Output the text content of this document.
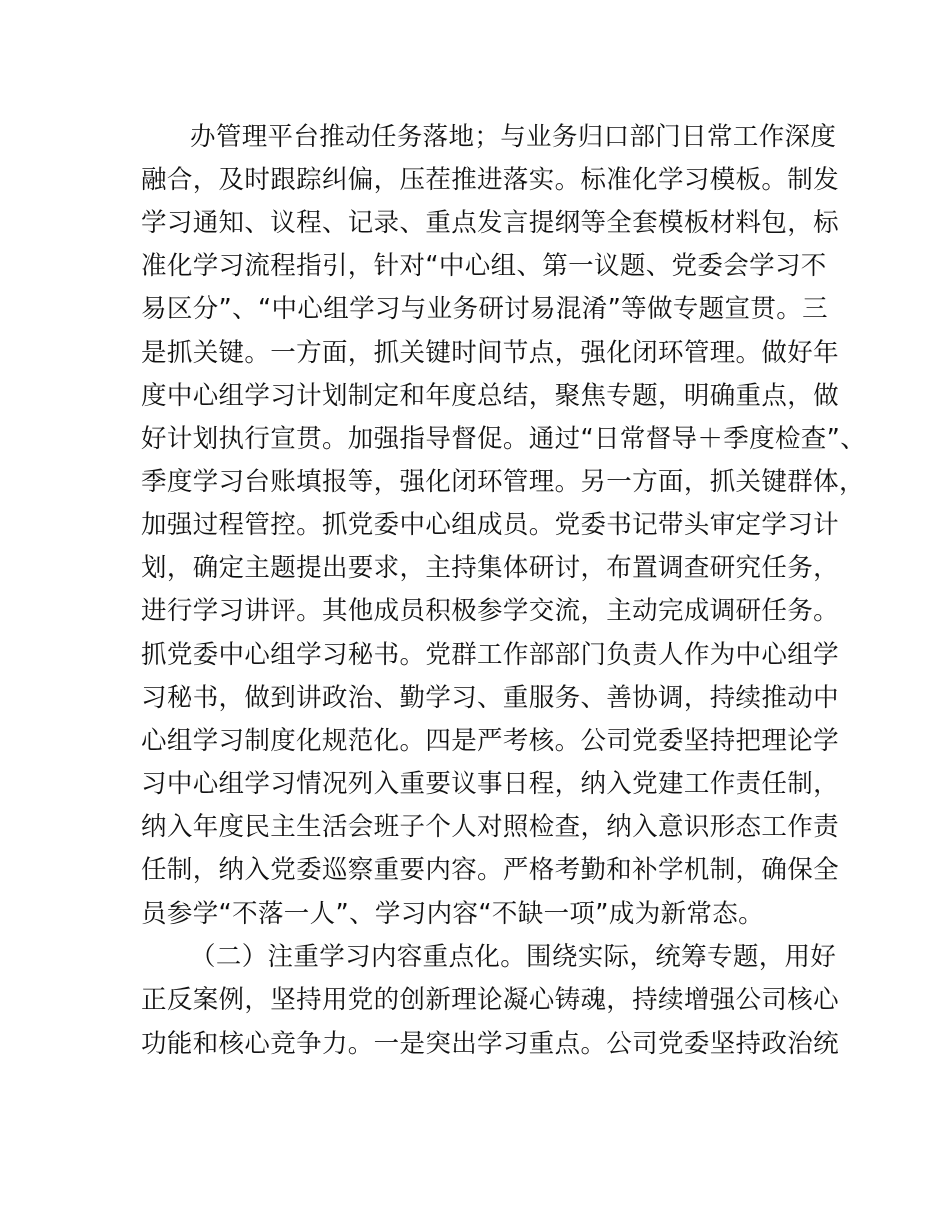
办管理平台推动任务落地；与业务归口部门日常工作深度
融合，及时跟踪纠偏，压茬推进落实。标准化学习模板。制发
学习通知、议程、记录、重点发言提纲等全套模板材料包，标
准化学习流程指引，针对“中心组、第一议题、党委会学习不
易区分”、“中心组学习与业务研讨易混淆”等做专题宣贯。三
是抓关键。一方面，抓关键时间节点，强化闭环管理。做好年
度中心组学习计划制定和年度总结，聚焦专题，明确重点，做
好计划执行宣贯。加强指导督促。通过“日常督导＋季度检查”、
季度学习台账填报等，强化闭环管理。另一方面，抓关键群体，
加强过程管控。抓党委中心组成员。党委书记带头审定学习计
划，确定主题提出要求，主持集体研讨，布置调查研究任务，
进行学习讲评。其他成员积极参学交流，主动完成调研任务。
抓党委中心组学习秘书。党群工作部部门负责人作为中心组学
习秘书，做到讲政治、勤学习、重服务、善协调，持续推动中
心组学习制度化规范化。四是严考核。公司党委坚持把理论学
习中心组学习情况列入重要议事日程，纳入党建工作责任制，
纳入年度民主生活会班子个人对照检查，纳入意识形态工作责
任制，纳入党委巡察重要内容。严格考勤和补学机制，确保全
员参学“不落一人”、学习内容“不缺一项”成为新常态。
（二）注重学习内容重点化。围绕实际，统筹专题，用好
正反案例，坚持用党的创新理论凝心铸魂，持续增强公司核心
功能和核心竞争力。一是突出学习重点。公司党委坚持政治统
